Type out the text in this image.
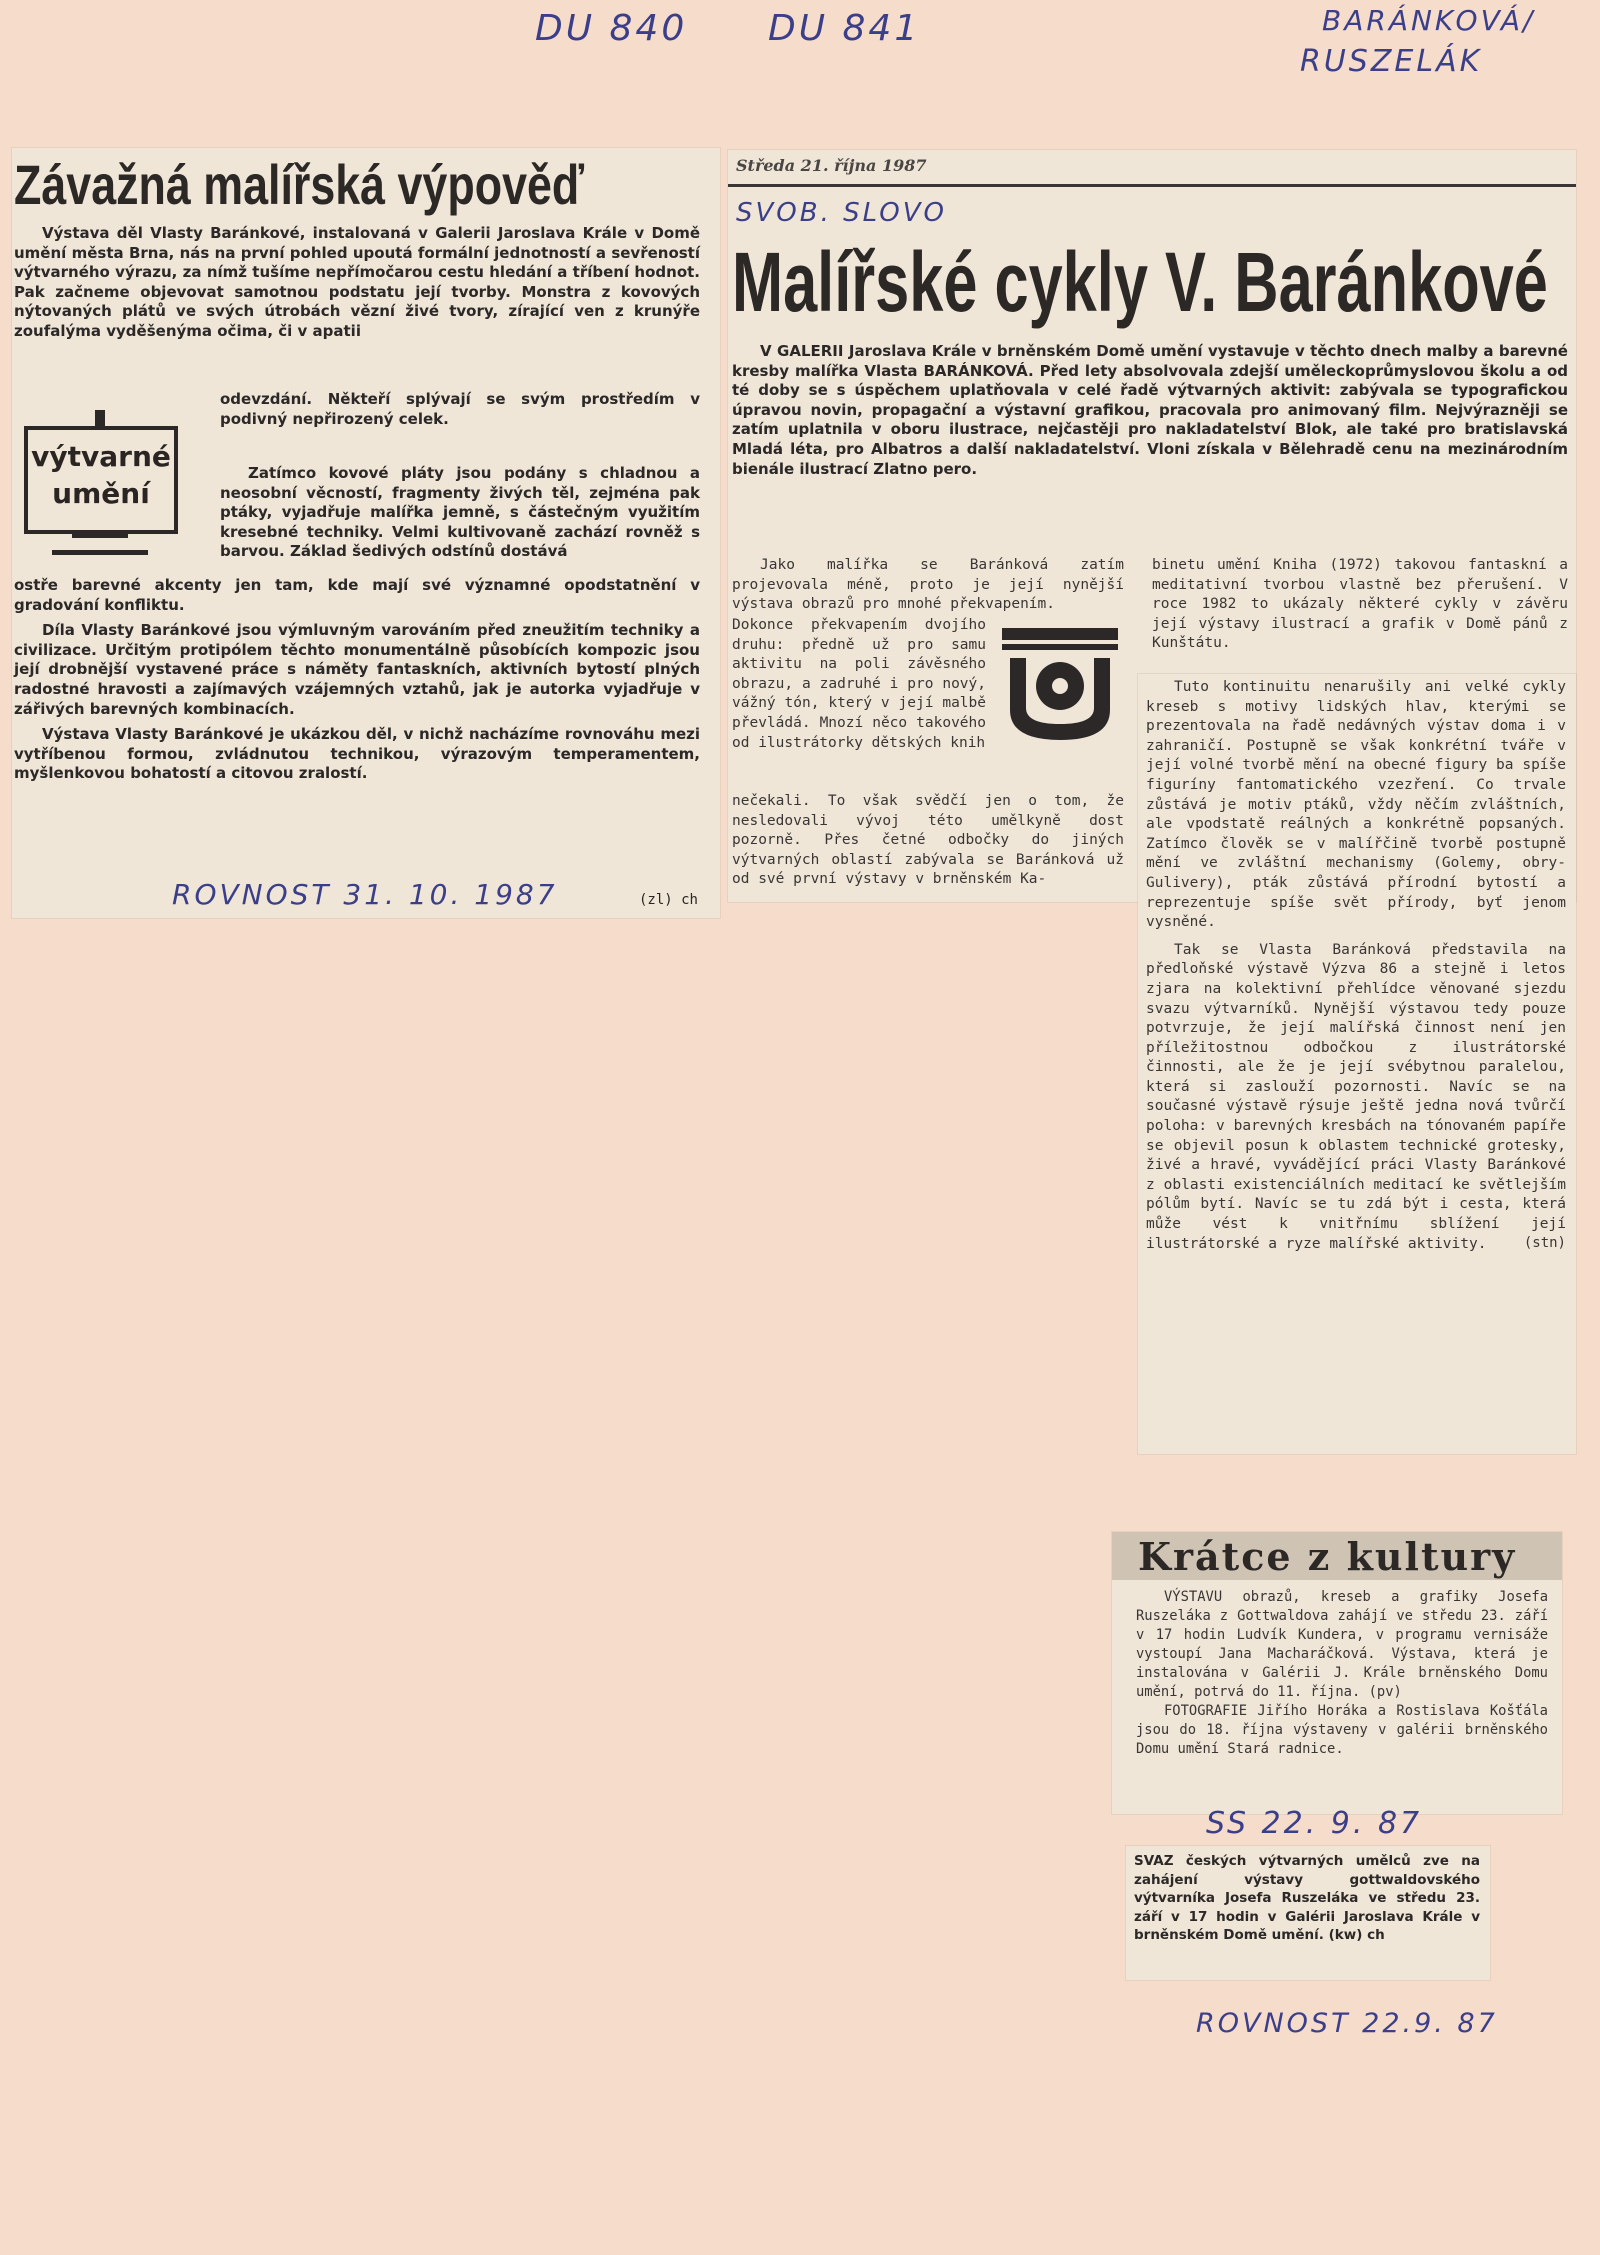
DU 840 DU 841	BARÁNKOVÁ/
RUSZELÁK
Závažná malířská výpověď

Výstava děl Vlasty Baránkové, instalovaná v Galerii Jaroslava Krále v Domě umění města Brna, nás na první pohled upoutá formální jednotností a sevřeností výtvarného výrazu, za nímž tušíme nepřímočarou cestu hledání a tříbení hodnot. Pak začneme objevovat samotnou podstatu její tvorby. Monstra z kovových nýtovaných plátů ve svých útrobách vězní živé tvory, zírající ven z krunýře zoufalýma vyděšenýma očima, či v apatii

výtvarné
umění

odevzdání. Někteří splývají se svým prostředím v podivný nepřirozený celek.

Zatímco kovové pláty jsou podány s chladnou a neosobní věcností, fragmenty živých těl, zejména pak ptáky, vyjadřuje malířka jemně, s částečným využitím kresebné techniky. Velmi kultivovaně zachází rovněž s barvou. Základ šedivých odstínů dostává

ostře barevné akcenty jen tam, kde mají své významné opodstatnění v gradování konfliktu.

Díla Vlasty Baránkové jsou výmluvným varováním před zneužitím techniky a civilizace. Určitým protipólem těchto monumentálně působících kompozic jsou její drobnější vystavené práce s náměty fantaskních, aktivních bytostí plných radostné hravosti a zajímavých vzájemných vztahů, jak je autorka vyjadřuje v zářivých barevných kombinacích.

Výstava Vlasty Baránkové je ukázkou děl, v nichž nacházíme rovnováhu mezi vytříbenou formou, zvládnutou technikou, výrazovým temperamentem, myšlenkovou bohatostí a citovou zralostí.

ROVNOST 31. 10. 1987	(zl) ch
Středa 21. října 1987
SVOB. SLOVO
Malířské cykly V. Baránkové

V GALERII Jaroslava Krále v brněnském Domě umění vystavuje v těchto dnech malby a barevné kresby malířka Vlasta BARÁNKOVÁ. Před lety absolvovala zdejší uměleckoprůmyslovou školu a od té doby se s úspěchem uplatňovala v celé řadě výtvarných aktivit: zabývala se typografickou úpravou novin, propagační a výstavní grafikou, pracovala pro animovaný film. Nejvýrazněji se zatím uplatnila v oboru ilustrace, nejčastěji pro nakladatelství Blok, ale také pro bratislavská Mladá léta, pro Albatros a další nakladatelství. Vloni získala v Bělehradě cenu na mezinárodním bienále ilustrací Zlatno pero.

Jako malířka se Baránková zatím projevovala méně, proto je její nynější výstava obrazů pro mnohé překvapením.

Dokonce překvapením dvojího druhu: předně už pro samu aktivitu na poli závěsného obrazu, a zadruhé i pro nový, vážný tón, který v její malbě převládá. Mnozí něco takového od ilustrátorky dětských knih

nečekali. To však svědčí jen o tom, že nesledovali vývoj této umělkyně dost pozorně. Přes četné odbočky do jiných výtvarných oblastí zabývala se Baránková už od své první výstavy v brněnském Ka-

binetu umění Kniha (1972) takovou fantaskní a meditativní tvorbou vlastně bez přerušení. V roce 1982 to ukázaly některé cykly v závěru její výstavy ilustrací a grafik v Domě pánů z Kunštátu.

Tuto kontinuitu nenarušily ani velké cykly kreseb s motivy lidských hlav, kterými se prezentovala na řadě nedávných výstav doma i v zahraničí. Postupně se však konkrétní tváře v její volné tvorbě mění na obecné figury ba spíše figuríny fantomatického vzezření. Co trvale zůstává je motiv ptáků, vždy něčím zvláštních, ale vpodstatě reálných a konkrétně popsaných. Zatímco člověk se v malířčině tvorbě postupně mění ve zvláštní mechanismy (Golemy, obry-Gulivery), pták zůstává přírodní bytostí a reprezentuje spíše svět přírody, byť jenom vysněné.

Tak se Vlasta Baránková představila na předloňské výstavě Výzva 86 a stejně i letos zjara na kolektivní přehlídce věnované sjezdu svazu výtvarníků. Nynější výstavou tedy pouze potvrzuje, že její malířská činnost není jen příležitostnou odbočkou z ilustrátorské činnosti, ale že je její svébytnou paralelou, která si zaslouží pozornosti. Navíc se na současné výstavě rýsuje ještě jedna nová tvůrčí poloha: v barevných kresbách na tónovaném papíře se objevil posun k oblastem technické grotesky, živé a hravé, vyvádějící práci Vlasty Baránkové z oblasti existenciálních meditací ke světlejším pólům bytí. Navíc se tu zdá být i cesta, která může vést k vnitřnímu sblížení její ilustrátorské a ryze malířské aktivity.	(stn)
Krátce z kultury

VÝSTAVU obrazů, kreseb a grafiky Josefa Ruszeláka z Gottwaldova zahájí ve středu 23. září v 17 hodin Ludvík Kundera, v programu vernisáže vystoupí Jana Macharáčková. Výstava, která je instalována v Galérii J. Krále brněnského Domu umění, potrvá do 11. října. (pv)

FOTOGRAFIE Jiřího Horáka a Rostislava Košťála jsou do 18. října výstaveny v galérii brněnského Domu umění Stará radnice.

SS 22. 9. 87

SVAZ českých výtvarných umělců zve na zahájení výstavy gottwaldovského výtvarníka Josefa Ruszeláka ve středu 23. září v 17 hodin v Galérii Jaroslava Krále v brněnském Domě umění. (kw) ch

ROVNOST 22.9. 87
